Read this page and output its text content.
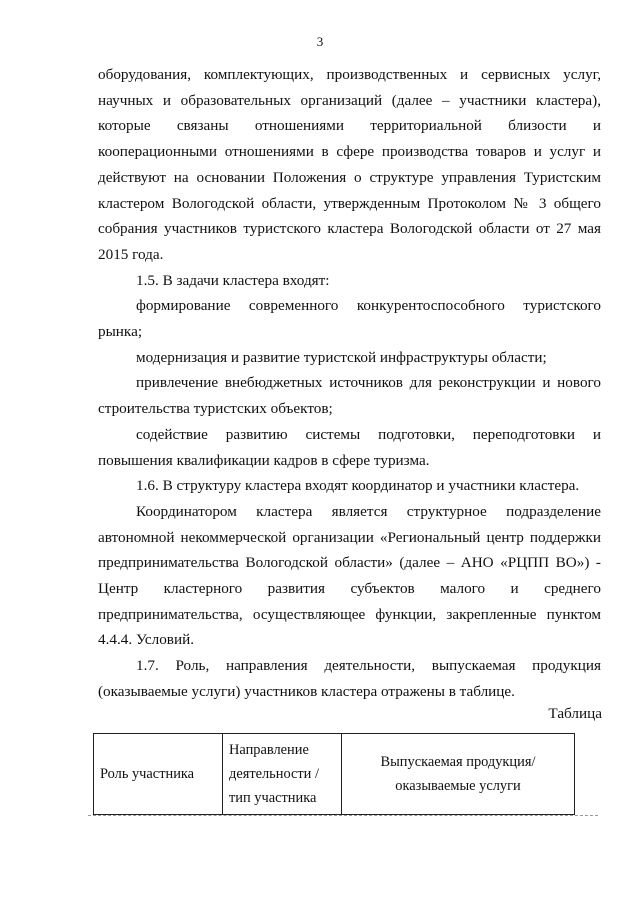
3

оборудования, комплектующих, производственных и сервисных услуг, научных и образовательных организаций (далее – участники кластера), которые связаны отношениями территориальной близости и кооперационными отношениями в сфере производства товаров и услуг и действуют на основании Положения о структуре управления Туристским кластером Вологодской области, утвержденным Протоколом № 3 общего собрания участников туристского кластера Вологодской области от 27 мая 2015 года.

1.5. В задачи кластера входят:

формирование современного конкурентоспособного туристского рынка;

модернизация и развитие туристской инфраструктуры области;

привлечение внебюджетных источников для реконструкции и нового строительства туристских объектов;

содействие развитию системы подготовки, переподготовки и повышения квалификации кадров в сфере туризма.

1.6. В структуру кластера входят координатор и участники кластера.

Координатором кластера является структурное подразделение автономной некоммерческой организации «Региональный центр поддержки предпринимательства Вологодской области» (далее – АНО «РЦПП ВО») - Центр кластерного развития субъектов малого и среднего предпринимательства, осуществляющее функции, закрепленные пунктом 4.4.4. Условий.

1.7. Роль, направления деятельности, выпускаемая продукция (оказываемые услуги) участников кластера отражены в таблице.

Таблица
Роль участника	Направление деятельности / тип участника	Выпускаемая продукция/оказываемые услуги
